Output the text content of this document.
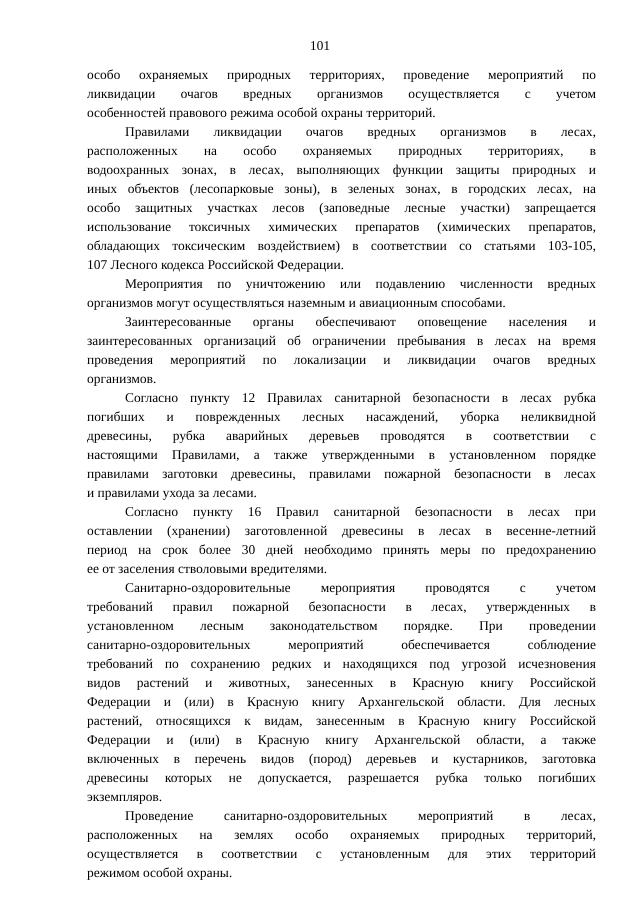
101
особо охраняемых природных территориях, проведение мероприятий по
ликвидации очагов вредных организмов осуществляется с учетом
особенностей правового режима особой охраны территорий.
Правилами ликвидации очагов вредных организмов в лесах,
расположенных на особо охраняемых природных территориях, в
водоохранных зонах, в лесах, выполняющих функции защиты природных и
иных объектов (лесопарковые зоны), в зеленых зонах, в городских лесах, на
особо защитных участках лесов (заповедные лесные участки) запрещается
использование токсичных химических препаратов (химических препаратов,
обладающих токсическим воздействием) в соответствии со статьями 103-105,
107 Лесного кодекса Российской Федерации.
Мероприятия по уничтожению или подавлению численности вредных
организмов могут осуществляться наземным и авиационным способами.
Заинтересованные органы обеспечивают оповещение населения и
заинтересованных организаций об ограничении пребывания в лесах на время
проведения мероприятий по локализации и ликвидации очагов вредных
организмов.
Согласно пункту 12 Правилах санитарной безопасности в лесах рубка
погибших и поврежденных лесных насаждений, уборка неликвидной
древесины, рубка аварийных деревьев проводятся в соответствии с
настоящими Правилами, а также утвержденными в установленном порядке
правилами заготовки древесины, правилами пожарной безопасности в лесах
и правилами ухода за лесами.
Согласно пункту 16 Правил санитарной безопасности в лесах при
оставлении (хранении) заготовленной древесины в лесах в весенне-летний
период на срок более 30 дней необходимо принять меры по предохранению
ее от заселения стволовыми вредителями.
Санитарно-оздоровительные мероприятия проводятся с учетом
требований правил пожарной безопасности в лесах, утвержденных в
установленном лесным законодательством порядке. При проведении
санитарно-оздоровительных мероприятий обеспечивается соблюдение
требований по сохранению редких и находящихся под угрозой исчезновения
видов растений и животных, занесенных в Красную книгу Российской
Федерации и (или) в Красную книгу Архангельской области. Для лесных
растений, относящихся к видам, занесенным в Красную книгу Российской
Федерации и (или) в Красную книгу Архангельской области, а также
включенных в перечень видов (пород) деревьев и кустарников, заготовка
древесины которых не допускается, разрешается рубка только погибших
экземпляров.
Проведение санитарно-оздоровительных мероприятий в лесах,
расположенных на землях особо охраняемых природных территорий,
осуществляется в соответствии с установленным для этих территорий
режимом особой охраны.
